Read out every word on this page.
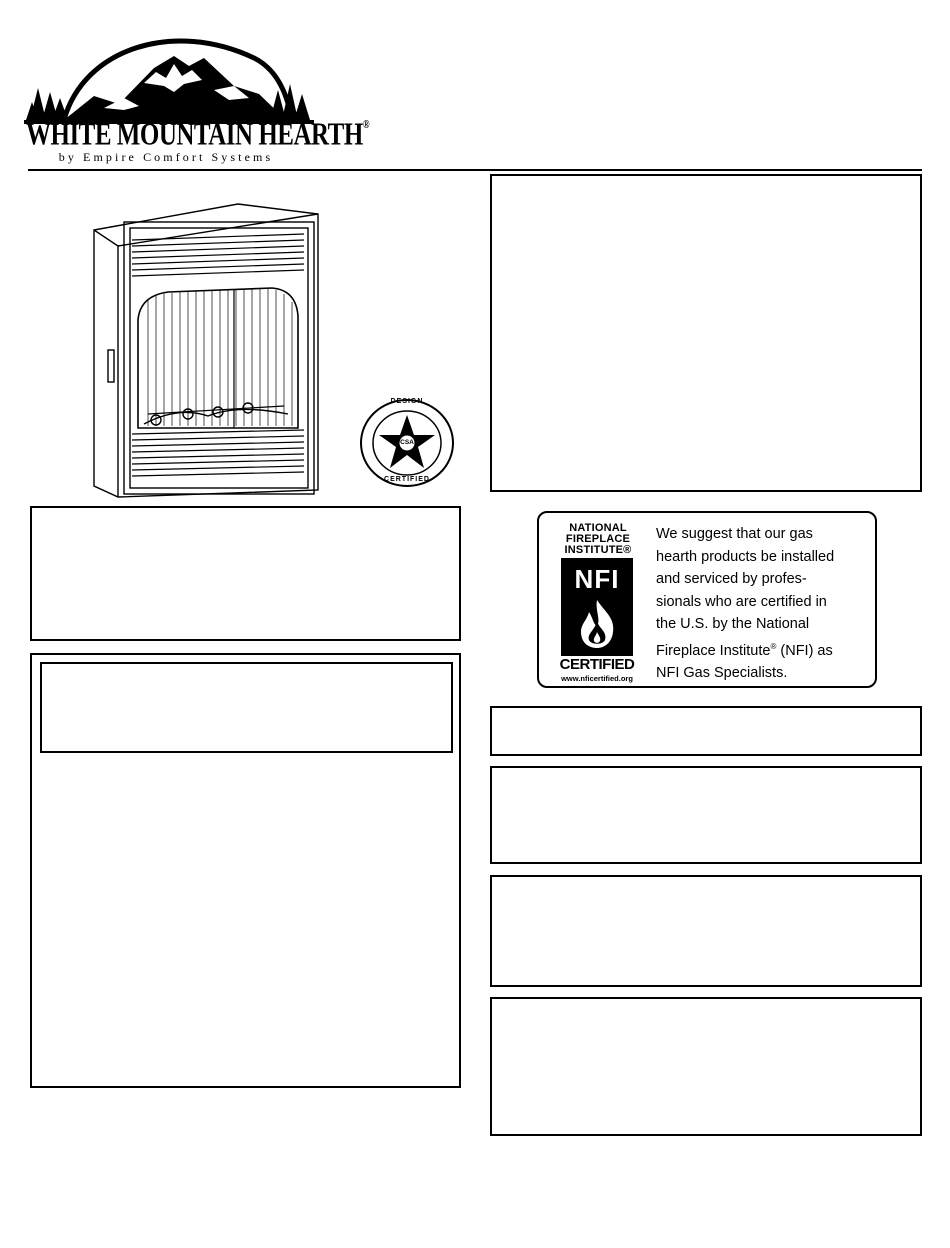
WHITE MOUNTAIN HEARTH®
by Empire Comfort Systems
DESIGN
CSA
CERTIFIED
NATIONAL
FIREPLACE
INSTITUTE®
NFI
CERTIFIED
www.nficertified.org
We suggest that our gas
hearth products be installed
and serviced by profes-
sionals who are certified in
the U.S. by the National
Fireplace Institute® (NFI) as
NFI Gas Specialists.
